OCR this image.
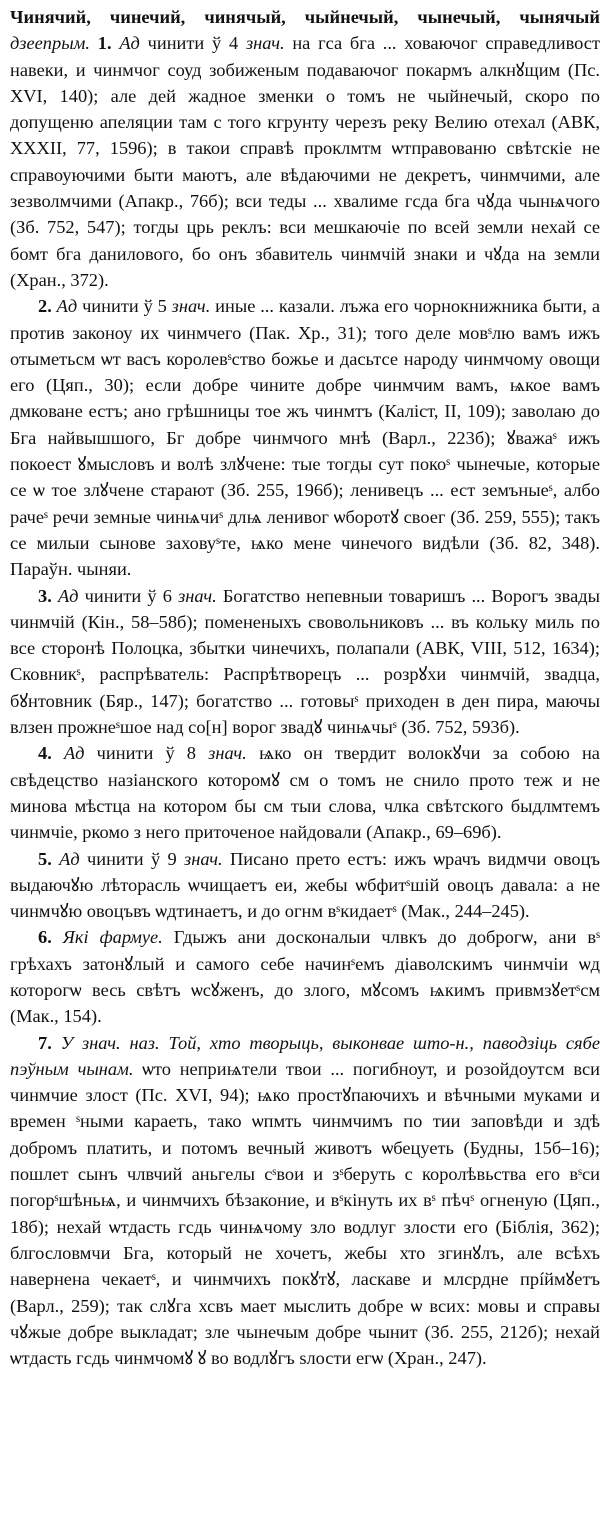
Чинячий, чинечий, чинячый, чыйнечый, чынечый, чынячый дзеeпрым. 1. Ад чинити ў 4 знач. на гса бга ... ховаючог справедливост навеки, и чинмчог соуд зобиженым подаваючог покармъ алкнꙋщим (Пс. XVI, 140); але дей жадное зменки о томъ не чыйнечый, скоро по допущеню апеляции там с того кгрунту черезъ реку Велию отехал (АВК, XXXII, 77, 1596); в такои справѣ проклмтм ѡтправованю свѣтскіе не справоуючими быти маютъ, але вѣдаючими не декретъ, чинмчими, але зезволмчими (Апакр., 76б); вси теды ... хвалиме гсда бга чꙋда чынѩчого (Зб. 752, 547); тогды црь реклъ: вси мешкаючіе по всей земли нехай се бомт бга данилового, бо онъ збавитель чинмчій знаки и чꙋда на земли (Хран., 372).

2. Ад чинити ў 5 знач. иные ... казали. лъжа его чорнокнижника быти, а против законоу их чинмчего (Пак. Хр., 31); того деле мовˢлю вамъ ижъ отыметьсм ѡт васъ королевˢство божье и дасьтсе народу чинмчому овощи его (Цяп., 30); если добре чините добре чинмчим вамъ, ѩкое вамъ дмковане естъ; ано грѣшницы тое жъ чинмтъ (Каліст, II, 109); заволаю до Бга найвышшого, Бг добре чинмчого мнѣ (Варл., 223б); ꙋважаˢ ижъ покоест ꙋмысловъ и волѣ злꙋчене: тые тогды сут покоˢ чынечые, которые се ѡ тое злꙋчене старают (Зб. 255, 196б); ленивецъ ... ест земъныеˢ, албо рачеˢ речи земные чинѩчиˢ длѩ ленивог ѡборотꙋ своег (Зб. 259, 555); такъ се милыи сынове заховуˢте, ѩко мене чинечого видѣли (Зб. 82, 348). Параўн. чыняи.

3. Ад чинити ў 6 знач. Богатство непевныи товаришъ ... Ворогъ звады чинмчій (Кін., 58–58б); помененыхъ свовольниковъ ... въ кольку миль по все сторонѣ Полоцка, збытки чинечихъ, полапали (АВК, VIII, 512, 1634); Сковникˢ, распрѣватель: Распрѣтворецъ ... розрꙋхи чинмчій, звадца, бꙋнтовник (Бяр., 147); богатство ... готовыˢ приходен в ден пира, маючы влзен прожнеˢшое над со[н] ворог звадꙋ чинѩчыˢ (Зб. 752, 593б).

4. Ад чинити ў 8 знач. ѩко он твердит волокꙋчи за собою на свѣдецство назіанского которомꙋ см о томъ не снило прото теж и не минова мѣстца на котором бы см тыи слова, члка свѣтского быдлмтемъ чинмчіе, ркомо з него приточеное найдовали (Апакр., 69–69б).

5. Ад чинити ў 9 знач. Писано прето естъ: ижъ ѡрачъ видмчи овоцъ выдаючꙋю лѣторасль ѡчищаетъ еи, жебы ѡбфитˢшій овоцъ давала: а не чинмчꙋю овоцъвъ ѡдтинаетъ, и до огнм вˢкидаетˢ (Мак., 244–245).

6. Які фармуе. Гдыжъ ани досконалыи члвкъ до доброгѡ, ани вˢ грѣхахъ затонꙋлый и самого себе начинˢемъ діаволскимъ чинмчіи ѡд которогѡ весь свѣтъ ѡсꙋженъ, до злого, мꙋсомъ ѩкимъ привмзꙋетˢсм (Мак., 154).

7. У знач. наз. Той, хто творыць, выконвае што-н., паводзіць сябе пэўным чынам. ѡто неприѩтели твои ... погибноут, и розойдоутсм вси чинмчие злост (Пс. XVI, 94); ѩко простꙋпаючихъ и вѣчными муками и времен ˢными караеть, тако ѡпмть чинмчимъ по тии заповѣди и здѣ добромъ платить, и потомъ вечный животъ ѡбецуеть (Будны, 15б–16); пошлет сынъ члвчий аньгелы сˢвои и зˢберуть с королѣвьства его вˢси погорˢшѣньѩ, и чинмчихъ бѣзаконие, и вˢкінуть их вˢ пѣчˢ огненую (Цяп., 18б); нехай ѡтдасть гсдь чинѩчому зло водлуг злости его (Біблія, 362); блгословмчи Бга, который не хочетъ, жебы хто згинꙋлъ, але всѣхъ навернена чекаетˢ, и чинмчихъ покꙋтꙋ, ласкаве и млсрдне прíймꙋетъ (Варл., 259); так слꙋга хсвъ мает мыслить добре ѡ всих: мовы и справы чꙋжые добре выкладат; зле чынечым добре чынит (Зб. 255, 212б); нехай ѡтдасть гсдь чинмчомꙋ ꙋ во водлꙋгъ ѕлости егѡ (Хран., 247).
